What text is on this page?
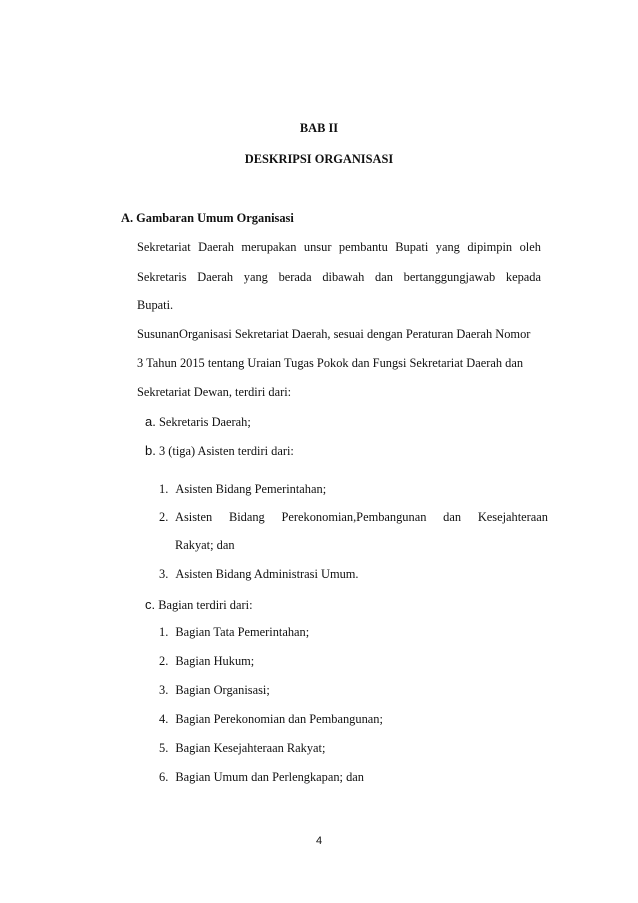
BAB II
DESKRIPSI ORGANISASI
A. Gambaran Umum Organisasi
Sekretariat Daerah merupakan unsur pembantu Bupati yang dipimpin oleh
Sekretaris Daerah yang berada dibawah dan bertanggungjawab kepada
Bupati.
SusunanOrganisasi Sekretariat Daerah, sesuai dengan Peraturan Daerah Nomor
3 Tahun 2015 tentang Uraian Tugas Pokok dan Fungsi Sekretariat Daerah dan
Sekretariat Dewan, terdiri dari:
a. Sekretaris Daerah;
b. 3 (tiga) Asisten terdiri dari:
1. Asisten Bidang Pemerintahan;
2. Asisten Bidang Perekonomian,Pembangunan dan Kesejahteraan
Rakyat; dan
3. Asisten Bidang Administrasi Umum.
c. Bagian terdiri dari:
1. Bagian Tata Pemerintahan;
2. Bagian Hukum;
3. Bagian Organisasi;
4. Bagian Perekonomian dan Pembangunan;
5. Bagian Kesejahteraan Rakyat;
6. Bagian Umum dan Perlengkapan; dan
4
